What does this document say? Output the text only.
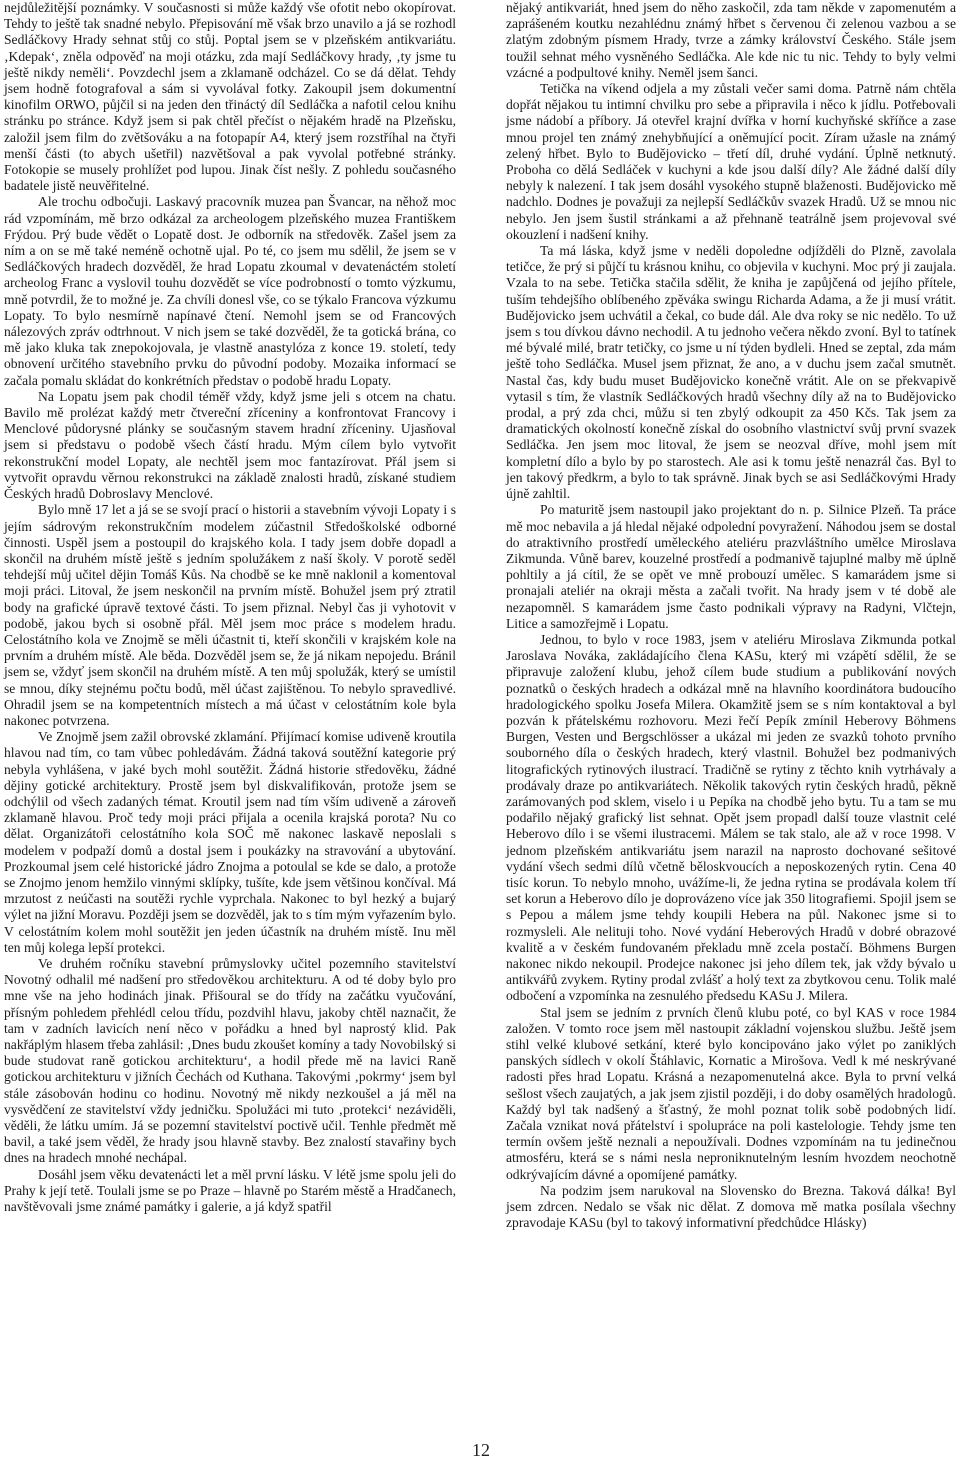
nejdůležitější poznámky. V současnosti si může každý vše ofotit nebo okopírovat. Tehdy to ještě tak snadné nebylo. Přepisování mě však brzo unavilo a já se rozhodl Sedláčkovy Hrady sehnat stůj co stůj. Poptal jsem se v plzeňském antikvariátu. ‚Kdepak‘, zněla odpověď na moji otázku, zda mají Sedláčkovy hrady, ‚ty jsme tu ještě nikdy neměli‘. Povzdechl jsem a zklamaně odcházel. Co se dá dělat. Tehdy jsem hodně fotografoval a sám si vyvolával fotky. Zakoupil jsem dokumentní kinofilm ORWO, půjčil si na jeden den třináctý díl Sedláčka a nafotil celou knihu stránku po stránce. Když jsem si pak chtěl přečíst o nějakém hradě na Plzeňsku, založil jsem film do zvětšováku a na fotopapír A4, který jsem rozstříhal na čtyři menší části (to abych ušetřil) nazvětšoval a pak vyvolal potřebné stránky. Fotokopie se musely prohlížet pod lupou. Jinak číst nešly. Z pohledu současného badatele jistě neuvěřitelné.

Ale trochu odbočuji. Laskavý pracovník muzea pan Švancar, na něhož moc rád vzpomínám, mě brzo odkázal za archeologem plzeňského muzea Františkem Frýdou. Prý bude vědět o Lopatě dost. Je odborník na středověk. Zašel jsem za ním a on se mě také neméně ochotně ujal. Po té, co jsem mu sdělil, že jsem se v Sedláčkových hradech dozvěděl, že hrad Lopatu zkoumal v devatenáctém století archeolog Franc a vyslovil touhu dozvědět se více podrobností o tomto výzkumu, mně potvrdil, že to možné je. Za chvíli donesl vše, co se týkalo Francova výzkumu Lopaty. To bylo nesmírně napínavé čtení. Nemohl jsem se od Francových nálezových zpráv odtrhnout. V nich jsem se také dozvěděl, že ta gotická brána, co mě jako kluka tak znepokojovala, je vlastně anastylóza z konce 19. století, tedy obnovení určitého stavebního prvku do původní podoby. Mozaika informací se začala pomalu skládat do konkrétních představ o podobě hradu Lopaty.

Na Lopatu jsem pak chodil téměř vždy, když jsme jeli s otcem na chatu. Bavilo mě prolézat každý metr čtvereční zříceniny a konfrontovat Francovy i Menclové půdorysné plánky se současným stavem hradní zříceniny. Ujasňoval jsem si představu o podobě všech částí hradu. Mým cílem bylo vytvořit rekonstrukční model Lopaty, ale nechtěl jsem moc fantazírovat. Přál jsem si vytvořit opravdu věrnou rekonstrukci na základě znalosti hradů, získané studiem Českých hradů Dobroslavy Menclové.

Bylo mně 17 let a já se se svojí prací o historii a stavebním vývoji Lopaty i s jejím sádrovým rekonstrukčním modelem zúčastnil Středoškolské odborné činnosti. Uspěl jsem a postoupil do krajského kola. I tady jsem dobře dopadl a skončil na druhém místě ještě s jedním spolužákem z naší školy. V porotě seděl tehdejší můj učitel dějin Tomáš Kůs. Na chodbě se ke mně naklonil a komentoval moji práci. Litoval, že jsem neskončil na prvním místě. Bohužel jsem prý ztratil body na grafické úpravě textové části. To jsem přiznal. Nebyl čas ji vyhotovit v podobě, jakou bych si osobně přál. Měl jsem moc práce s modelem hradu. Celostátního kola ve Znojmě se měli účastnit ti, kteří skončili v krajském kole na prvním a druhém místě. Ale běda. Dozvěděl jsem se, že já nikam nepojedu. Bránil jsem se, vždyť jsem skončil na druhém místě. A ten můj spolužák, který se umístil se mnou, díky stejnému počtu bodů, měl účast zajištěnou. To nebylo spravedlivé. Ohradil jsem se na kompetentních místech a má účast v celostátním kole byla nakonec potvrzena.

Ve Znojmě jsem zažil obrovské zklamání. Přijímací komise udiveně kroutila hlavou nad tím, co tam vůbec pohledávám. Žádná taková soutěžní kategorie prý nebyla vyhlášena, v jaké bych mohl soutěžit. Žádná historie středověku, žádné dějiny gotické architektury. Prostě jsem byl diskvalifikován, protože jsem se odchýlil od všech zadaných témat. Kroutil jsem nad tím vším udiveně a zároveň zklamaně hlavou. Proč tedy moji práci přijala a ocenila krajská porota? Nu co dělat. Organizátoři celostátního kola SOČ mě nakonec laskavě neposlali s modelem v podpaží domů a dostal jsem i poukázky na stravování a ubytování. Prozkoumal jsem celé historické jádro Znojma a potoulal se kde se dalo, a protože se Znojmo jenom hemžilo vinnými sklípky, tušíte, kde jsem většinou končíval. Má mrzutost z neúčasti na soutěži rychle vyprchala. Nakonec to byl hezký a bujarý výlet na jižní Moravu. Později jsem se dozvěděl, jak to s tím mým vyřazením bylo. V celostátním kolem mohl soutěžit jen jeden účastník na druhém místě. Inu měl ten můj kolega lepší protekci.

Ve druhém ročníku stavební průmyslovky učitel pozemního stavitelství Novotný odhalil mé nadšení pro středověkou architekturu. A od té doby bylo pro mne vše na jeho hodinách jinak. Přišoural se do třídy na začátku vyučování, přísným pohledem přehlédl celou třídu, pozdvihl hlavu, jakoby chtěl naznačit, že tam v zadních lavicích není něco v pořádku a hned byl naprostý klid. Pak nakřáplým hlasem třeba zahlásil: ‚Dnes budu zkoušet komíny a tady Novobilský si bude studovat raně gotickou architekturu‘, a hodil přede mě na lavici Raně gotickou architekturu v jižních Čechách od Kuthana. Takovými ‚pokrmy‘ jsem byl stále zásobován hodinu co hodinu. Novotný mě nikdy nezkoušel a já měl na vysvědčení ze stavitelství vždy jedničku. Spolužáci mi tuto ‚protekci‘ nezáviděli, věděli, že látku umím. Já se pozemní stavitelství poctivě učil. Tenhle předmět mě bavil, a také jsem věděl, že hrady jsou hlavně stavby. Bez znalostí stavařiny bych dnes na hradech mnohé nechápal.

Dosáhl jsem věku devatenácti let a měl první lásku. V létě jsme spolu jeli do Prahy k její tetě. Toulali jsme se po Praze – hlavně po Starém městě a Hradčanech, navštěvovali jsme známé památky i galerie, a já když spatřil

nějaký antikvariát, hned jsem do něho zaskočil, zda tam někde v zapomenutém a zaprášeném koutku nezahlédnu známý hřbet s červenou či zelenou vazbou a se zlatým zdobným písmem Hrady, tvrze a zámky království Českého. Stále jsem toužil sehnat mého vysněného Sedláčka. Ale kde nic tu nic. Tehdy to byly velmi vzácné a podpultové knihy. Neměl jsem šanci.

Tetička na víkend odjela a my zůstali večer sami doma. Patrně nám chtěla dopřát nějakou tu intimní chvilku pro sebe a připravila i něco k jídlu. Potřebovali jsme nádobí a příbory. Já otevřel krajní dvířka v horní kuchyňské skříňce a zase mnou projel ten známý znehybňující a oněmující pocit. Zíram užasle na známý zelený hřbet. Bylo to Budějovicko – třetí díl, druhé vydání. Úplně netknutý. Proboha co dělá Sedláček v kuchyni a kde jsou další díly? Ale žádné další díly nebyly k nalezení. I tak jsem dosáhl vysokého stupně blaženosti. Budějovicko mě nadchlo. Dodnes je považuji za nejlepší Sedláčkův svazek Hradů. Už se mnou nic nebylo. Jen jsem šustil stránkami a až přehnaně teatrálně jsem projevoval své okouzlení i nadšení knihy.

Ta má láska, když jsme v neděli dopoledne odjížděli do Plzně, zavolala tetičce, že prý si půjčí tu krásnou knihu, co objevila v kuchyni. Moc prý ji zaujala. Vzala to na sebe. Tetička stačila sdělit, že kniha je zapůjčená od jejího přítele, tuším tehdejšího oblíbeného zpěváka swingu Richarda Adama, a že ji musí vrátit. Budějovicko jsem uchvátil a čekal, co bude dál. Ale dva roky se nic nedělo. To už jsem s tou dívkou dávno nechodil. A tu jednoho večera někdo zvoní. Byl to tatínek mé bývalé milé, bratr tetičky, co jsme u ní týden bydleli. Hned se zeptal, zda mám ještě toho Sedláčka. Musel jsem přiznat, že ano, a v duchu jsem začal smutnět. Nastal čas, kdy budu muset Budějovicko konečně vrátit. Ale on se překvapivě vytasil s tím, že vlastník Sedláčkových hradů všechny díly až na to Budějovicko prodal, a prý zda chci, můžu si ten zbylý odkoupit za 450 Kčs. Tak jsem za dramatických okolností konečně získal do osobního vlastnictví svůj první svazek Sedláčka. Jen jsem moc litoval, že jsem se neozval dříve, mohl jsem mít kompletní dílo a bylo by po starostech. Ale asi k tomu ještě nenazrál čas. Byl to jen takový předkrm, a bylo to tak správně. Jinak bych se asi Sedláčkovými Hrady újně zahltil.

Po maturitě jsem nastoupil jako projektant do n. p. Silnice Plzeň. Ta práce mě moc nebavila a já hledal nějaké odpolední povyražení. Náhodou jsem se dostal do atraktivního prostředí uměleckého ateliéru prazvláštního umělce Miroslava Zikmunda. Vůně barev, kouzelné prostředí a podmanivě tajuplné malby mě úplně pohltily a já cítil, že se opět ve mně probouzí umělec. S kamarádem jsme si pronajali ateliér na okraji města a začali tvořit. Na hrady jsem v té době ale nezapomněl. S kamarádem jsme často podnikali výpravy na Radyni, Vlčtejn, Litice a samozřejmě i Lopatu.

Jednou, to bylo v roce 1983, jsem v ateliéru Miroslava Zikmunda potkal Jaroslava Nováka, zakládajícího člena KASu, který mi vzápětí sdělil, že se připravuje založení klubu, jehož cílem bude studium a publikování nových poznatků o českých hradech a odkázal mně na hlavního koordinátora budoucího hradologického spolku Josefa Milera. Okamžitě jsem se s ním kontaktoval a byl pozván k přátelskému rozhovoru. Mezi řečí Pepík zmínil Heberovy Böhmens Burgen, Vesten und Bergschlösser a ukázal mi jeden ze svazků tohoto prvního souborného díla o českých hradech, který vlastnil. Bohužel bez podmanivých litografických rytinových ilustrací. Tradičně se rytiny z těchto knih vytrhávaly a prodávaly draze po antikvariátech. Několik takových rytin českých hradů, pěkně zarámovaných pod sklem, viselo i u Pepíka na chodbě jeho bytu. Tu a tam se mu podařilo nějaký grafický list sehnat. Opět jsem propadl další touze vlastnit celé Heberovo dílo i se všemi ilustracemi. Málem se tak stalo, ale až v roce 1998. V jednom plzeňském antikvariátu jsem narazil na naprosto dochované sešitové vydání všech sedmi dílů včetně běloskvoucích a neposkozených rytin. Cena 40 tisíc korun. To nebylo mnoho, uvážíme-li, že jedna rytina se prodávala kolem tří set korun a Heberovo dílo je doprovázeno více jak 350 litografiemi. Spojil jsem se s Pepou a málem jsme tehdy koupili Hebera na půl. Nakonec jsme si to rozmysleli. Ale nelituji toho. Nové vydání Heberových Hradů v dobré obrazové kvalitě a v českém fundovaném překladu mně zcela postačí. Böhmens Burgen nakonec nikdo nekoupil. Prodejce nakonec jsi jeho dílem tek, jak vždy bývalo u antikvářů zvykem. Rytiny prodal zvlášť a holý text za zbytkovou cenu. Tolik malé odbočení a vzpomínka na zesnulého předsedu KASu J. Milera.

Stal jsem se jedním z prvních členů klubu poté, co byl KAS v roce 1984 založen. V tomto roce jsem měl nastoupit základní vojenskou službu. Ještě jsem stihl velké klubové setkání, které bylo koncipováno jako výlet po zaniklých panských sídlech v okolí Štáhlavic, Kornatic a Mirošova. Vedl k mé neskrývané radosti přes hrad Lopatu. Krásná a nezapomenutelná akce. Byla to první velká sešlost všech zaujatých, a jak jsem zjistil později, i do doby osamělých hradologů. Každý byl tak nadšený a šťastný, že mohl poznat tolik sobě podobných lidí. Začala vznikat nová přátelství i spolupráce na poli kastelologie. Tehdy jsme ten termín ovšem ještě neznali a nepoužívali. Dodnes vzpomínám na tu jedinečnou atmosféru, která se s námi nesla neproniknutelným lesním hvozdem neochotně odkrývajícím dávné a opomíjené památky.

Na podzim jsem narukoval na Slovensko do Brezna. Taková dálka! Byl jsem zdrcen. Nedalo se však nic dělat. Z domova mě matka posílala všechny zpravodaje KASu (byl to takový informativní předchůdce Hlásky)

12
